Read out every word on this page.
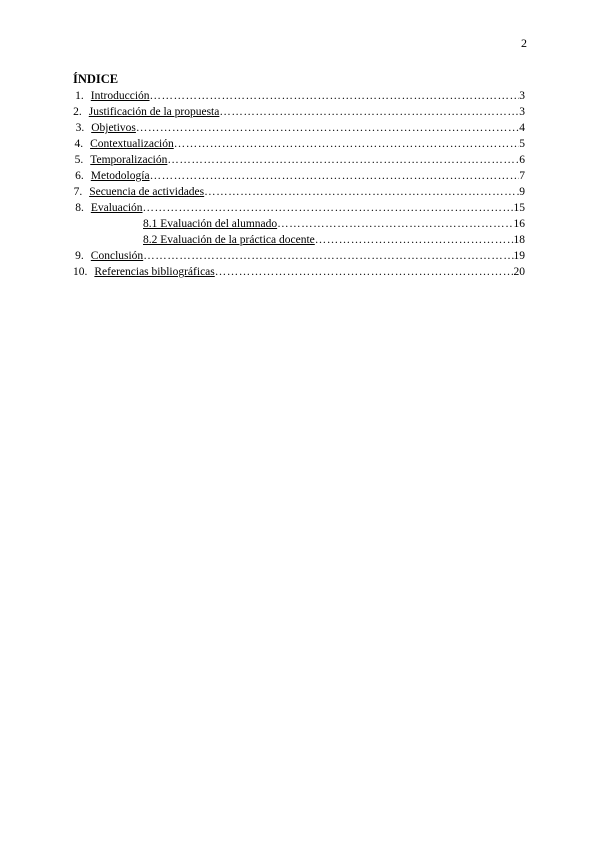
2
ÍNDICE
1. Introducción ……………………………………………………………………………………………………………………………………………………………………………………………………………………	3
2. Justificación de la propuesta ……………………………………………………………………………………………………………………………………………………………………………………………………………………	3
3. Objetivos ……………………………………………………………………………………………………………………………………………………………………………………………………………………	4
4. Contextualización ……………………………………………………………………………………………………………………………………………………………………………………………………………………	5
5. Temporalización ……………………………………………………………………………………………………………………………………………………………………………………………………………………	6
6. Metodología ……………………………………………………………………………………………………………………………………………………………………………………………………………………	7
7. Secuencia de actividades ……………………………………………………………………………………………………………………………………………………………………………………………………………………	9
8. Evaluación ……………………………………………………………………………………………………………………………………………………………………………………………………………………	15
8.1 Evaluación del alumnado ……………………………………………………………………………………………………………………………………………………………………………………………………………………	16
8.2 Evaluación de la práctica docente ……………………………………………………………………………………………………………………………………………………………………………………………………………………	18
9. Conclusión ……………………………………………………………………………………………………………………………………………………………………………………………………………………	19
10. Referencias bibliográficas ……………………………………………………………………………………………………………………………………………………………………………………………………………………	20
